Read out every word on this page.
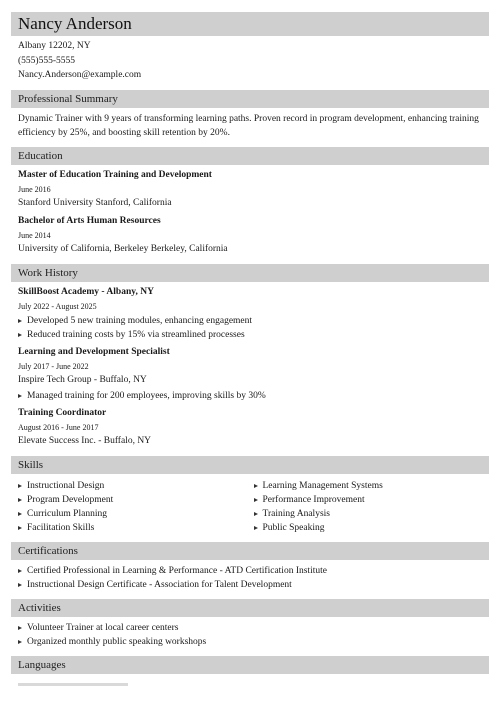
Nancy Anderson
Albany 12202, NY
(555)555-5555
Nancy.Anderson@example.com
Professional Summary
Dynamic Trainer with 9 years of transforming learning paths. Proven record in program development, enhancing training efficiency by 25%, and boosting skill retention by 20%.
Education
Master of Education Training and Development
June 2016
Stanford University Stanford, California
Bachelor of Arts Human Resources
June 2014
University of California, Berkeley Berkeley, California
Work History
SkillBoost Academy - Albany, NY
July 2022 - August 2025
Developed 5 new training modules, enhancing engagement
Reduced training costs by 15% via streamlined processes
Learning and Development Specialist
July 2017 - June 2022
Inspire Tech Group - Buffalo, NY
Managed training for 200 employees, improving skills by 30%
Training Coordinator
August 2016 - June 2017
Elevate Success Inc. - Buffalo, NY
Skills
Instructional Design
Program Development
Curriculum Planning
Facilitation Skills
Learning Management Systems
Performance Improvement
Training Analysis
Public Speaking
Certifications
Certified Professional in Learning & Performance - ATD Certification Institute
Instructional Design Certificate - Association for Talent Development
Activities
Volunteer Trainer at local career centers
Organized monthly public speaking workshops
Languages
